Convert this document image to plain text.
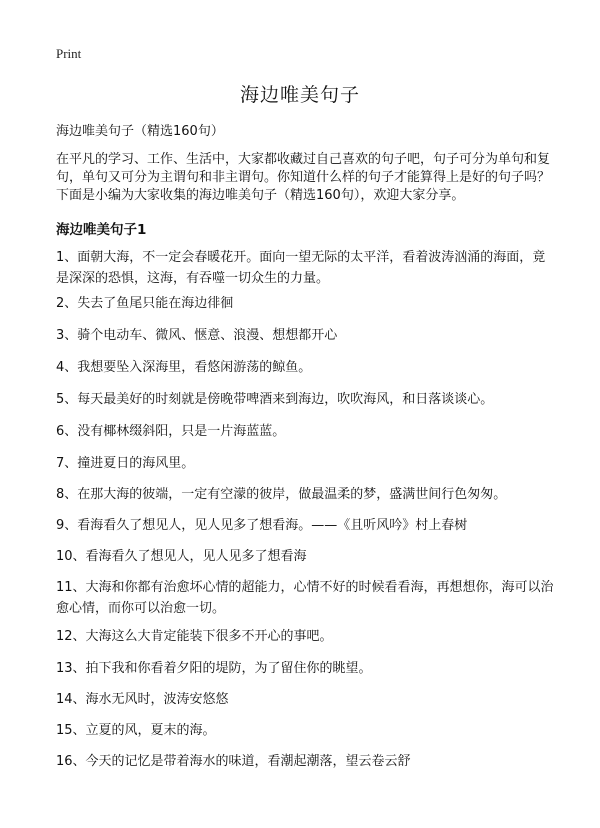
Print
海边唯美句子
海边唯美句子（精选160句）

在平凡的学习、工作、生活中，大家都收藏过自己喜欢的句子吧，句子可分为单句和复句，单句又可分为主谓句和非主谓句。你知道什么样的句子才能算得上是好的句子吗？下面是小编为大家收集的海边唯美句子（精选160句），欢迎大家分享。

海边唯美句子1

1、面朝大海，不一定会春暖花开。面向一望无际的太平洋，看着波涛汹涌的海面，竟是深深的恐惧，这海，有吞噬一切众生的力量。

2、失去了鱼尾只能在海边徘徊

3、骑个电动车、微风、惬意、浪漫、想想都开心

4、我想要坠入深海里，看悠闲游荡的鲸鱼。

5、每天最美好的时刻就是傍晚带啤酒来到海边，吹吹海风，和日落谈谈心。

6、没有椰林缀斜阳，只是一片海蓝蓝。

7、撞进夏日的海风里。

8、在那大海的彼端，一定有空濛的彼岸，做最温柔的梦，盛满世间行色匆匆。

9、看海看久了想见人，见人见多了想看海。——《且听风吟》村上春树

10、看海看久了想见人，见人见多了想看海

11、大海和你都有治愈坏心情的超能力，心情不好的时候看看海，再想想你，海可以治愈心情，而你可以治愈一切。

12、大海这么大肯定能装下很多不开心的事吧。

13、拍下我和你看着夕阳的堤防，为了留住你的眺望。

14、海水无风时，波涛安悠悠

15、立夏的风，夏末的海。

16、今天的记忆是带着海水的味道，看潮起潮落，望云卷云舒
